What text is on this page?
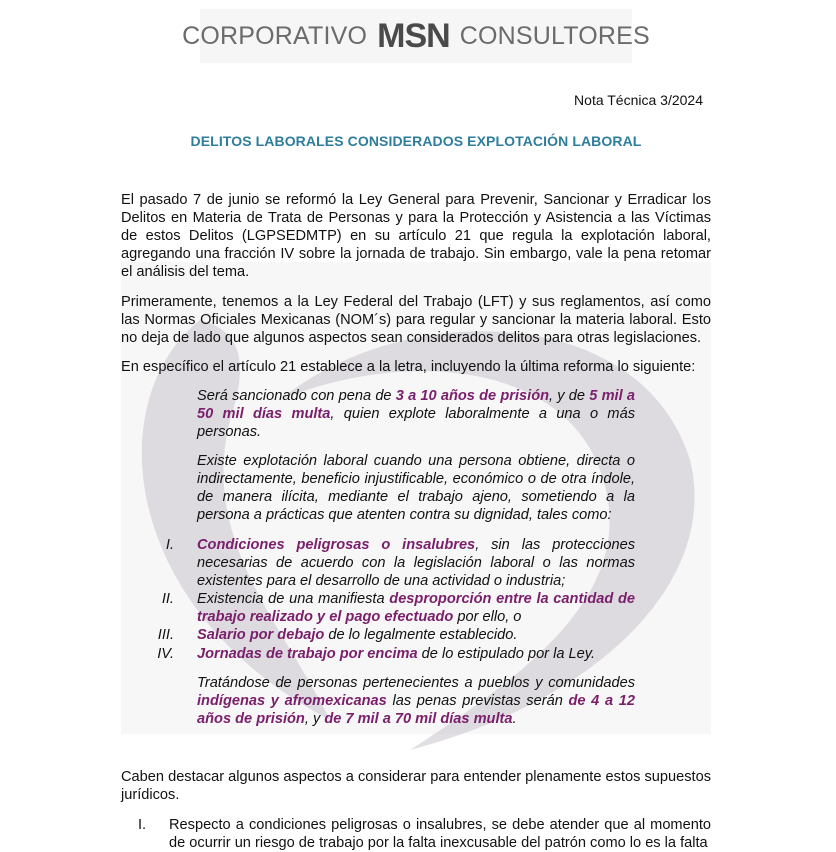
CORPORATIVO MSN CONSULTORES
Nota Técnica 3/2024
DELITOS LABORALES CONSIDERADOS EXPLOTACIÓN LABORAL
El pasado 7 de junio se reformó la Ley General para Prevenir, Sancionar y Erradicar los Delitos en Materia de Trata de Personas y para la Protección y Asistencia a las Víctimas de estos Delitos (LGPSEDMTP) en su artículo 21 que regula la explotación laboral, agregando una fracción IV sobre la jornada de trabajo. Sin embargo, vale la pena retomar el análisis del tema.
Primeramente, tenemos a la Ley Federal del Trabajo (LFT) y sus reglamentos, así como las Normas Oficiales Mexicanas (NOM´s) para regular y sancionar la materia laboral. Esto no deja de lado que algunos aspectos sean considerados delitos para otras legislaciones.
En específico el artículo 21 establece a la letra, incluyendo la última reforma lo siguiente:
Será sancionado con pena de 3 a 10 años de prisión, y de 5 mil a 50 mil días multa, quien explote laboralmente a una o más personas.
Existe explotación laboral cuando una persona obtiene, directa o indirectamente, beneficio injustificable, económico o de otra índole, de manera ilícita, mediante el trabajo ajeno, sometiendo a la persona a prácticas que atenten contra su dignidad, tales como:
I. Condiciones peligrosas o insalubres, sin las protecciones necesarias de acuerdo con la legislación laboral o las normas existentes para el desarrollo de una actividad o industria;
II. Existencia de una manifiesta desproporción entre la cantidad de trabajo realizado y el pago efectuado por ello, o
III. Salario por debajo de lo legalmente establecido.
IV. Jornadas de trabajo por encima de lo estipulado por la Ley.
Tratándose de personas pertenecientes a pueblos y comunidades indígenas y afromexicanas las penas previstas serán de 4 a 12 años de prisión, y de 7 mil a 70 mil días multa.
Caben destacar algunos aspectos a considerar para entender plenamente estos supuestos jurídicos.
I.	Respecto a condiciones peligrosas o insalubres, se debe atender que al momento de ocurrir un riesgo de trabajo por la falta inexcusable del patrón como lo es la falta
